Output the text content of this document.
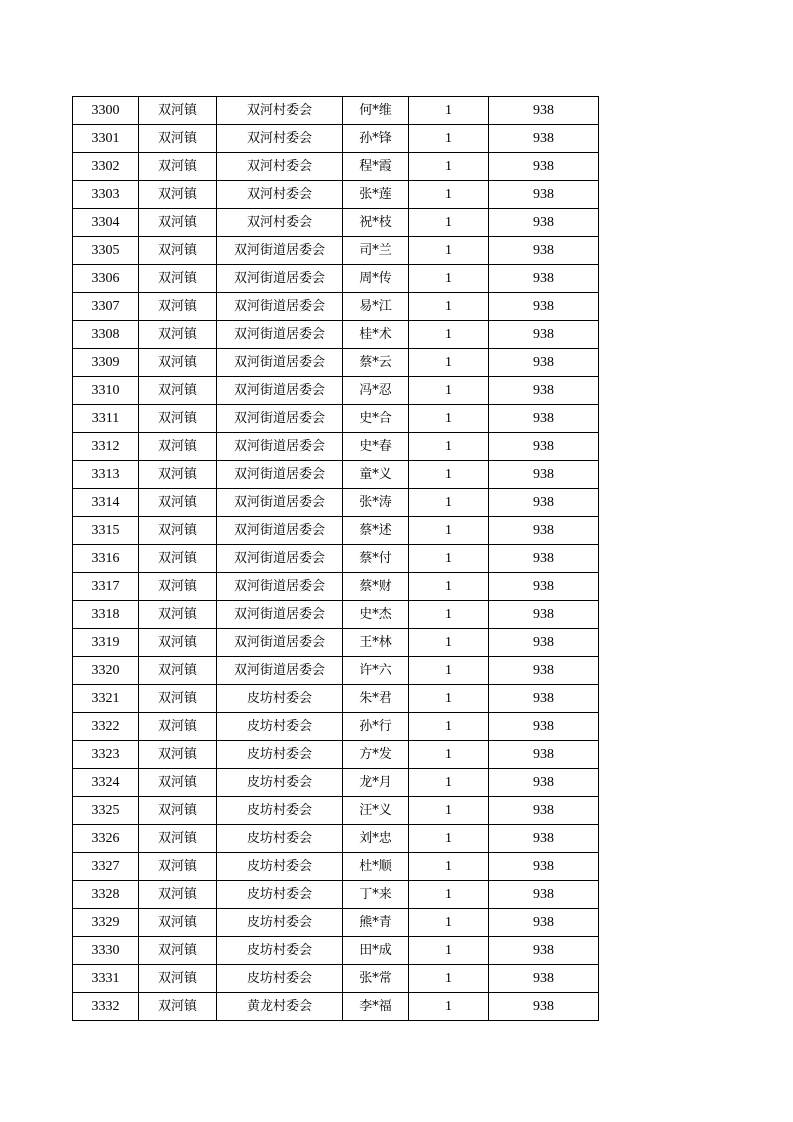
3300	双河镇	双河村委会	何*维	1	938
3301	双河镇	双河村委会	孙*锋	1	938
3302	双河镇	双河村委会	程*霞	1	938
3303	双河镇	双河村委会	张*莲	1	938
3304	双河镇	双河村委会	祝*枝	1	938
3305	双河镇	双河街道居委会	司*兰	1	938
3306	双河镇	双河街道居委会	周*传	1	938
3307	双河镇	双河街道居委会	易*江	1	938
3308	双河镇	双河街道居委会	桂*术	1	938
3309	双河镇	双河街道居委会	蔡*云	1	938
3310	双河镇	双河街道居委会	冯*忍	1	938
3311	双河镇	双河街道居委会	史*合	1	938
3312	双河镇	双河街道居委会	史*春	1	938
3313	双河镇	双河街道居委会	童*义	1	938
3314	双河镇	双河街道居委会	张*涛	1	938
3315	双河镇	双河街道居委会	蔡*述	1	938
3316	双河镇	双河街道居委会	蔡*付	1	938
3317	双河镇	双河街道居委会	蔡*财	1	938
3318	双河镇	双河街道居委会	史*杰	1	938
3319	双河镇	双河街道居委会	王*林	1	938
3320	双河镇	双河街道居委会	许*六	1	938
3321	双河镇	皮坊村委会	朱*君	1	938
3322	双河镇	皮坊村委会	孙*行	1	938
3323	双河镇	皮坊村委会	方*发	1	938
3324	双河镇	皮坊村委会	龙*月	1	938
3325	双河镇	皮坊村委会	汪*义	1	938
3326	双河镇	皮坊村委会	刘*忠	1	938
3327	双河镇	皮坊村委会	杜*顺	1	938
3328	双河镇	皮坊村委会	丁*来	1	938
3329	双河镇	皮坊村委会	熊*青	1	938
3330	双河镇	皮坊村委会	田*成	1	938
3331	双河镇	皮坊村委会	张*常	1	938
3332	双河镇	黄龙村委会	李*福	1	938
